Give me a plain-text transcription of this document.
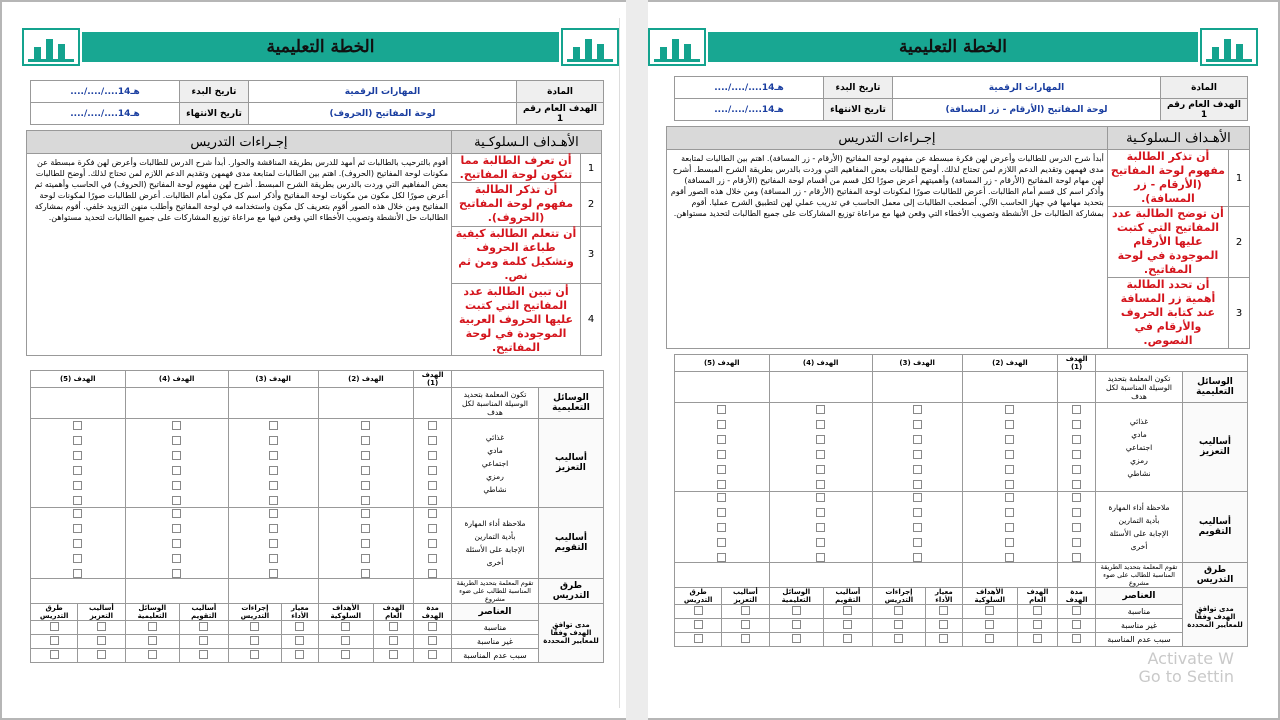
الخطة التعليمية
المادة	المهارات الرقمية	تاريخ البدء	..../..../....14هـ
الهدف العام رقم 1	لوحة المفاتيح (الحروف)	تاريخ الانتهاء	..../..../....14هـ
الأهـداف الـسلوكـية		إجـراءات التدريس
1	أن تعرف الطالبة مما تتكون لوحة المفاتيح.	أقوم بالترحيب بالطالبات ثم أمهد للدرس بطريقة المناقشة والحوار. أبدأ شرح الدرس للطالبات وأعرض لهن فكرة مبسطة عن مكونات لوحة المفاتيح (الحروف). اهتم بين الطالبات لمتابعة مدى فهمهن وتقديم الدعم اللازم لمن تحتاج لذلك. أوضح للطالبات بعض المفاهيم التي وردت بالدرس بطريقة الشرح المبسط. أشرح لهن مفهوم لوحة المفاتيح (الحروف) في الحاسب وأهميته ثم أعرض صورًا لكل مكون من مكونات لوحة المفاتيح وأذكر اسم كل مكون أمام الطالبات. أعرض للطالبات صورًا لمكونات لوحة المفاتيح ومن خلال هذه الصور أقوم بتعريف كل مكون واستخدامه في لوحة المفاتيح وأطلب منهن التزويد خلفي. أقوم بمشاركة الطالبات حل الأنشطة وتصويب الأخطاء التي وقعن فيها مع مراعاة توزيع المشاركات على جميع الطالبات لتحديد مستواهن.
2	أن تذكر الطالبة مفهوم لوحة المفاتيح (الحروف).	
3	أن تتعلم الطالبة كيفية طباعة الحروف وتشكيل كلمة ومن ثم نص.	
4	أن تبين الطالبة عدد المفاتيح التي كتبت عليها الحروف العربية الموجودة في لوحة المفاتيح.	
		الهدف (1)	الهدف (2)		الهدف (3)		الهدف (4)		الهدف (5)	
الوسائل التعليمية	تكون المعلمة بتحديد الوسيلة المناسبة لكل هدف									
أساليب التعزيز	غذائي
مادي
اجتماعي
رمزي
نشاطي									

أساليب التقويم	ملاحظة أداء المهارة
بأدية التمارين
الإجابة على الأسئلة
أخرى									

طرق التدريس	تقوم المعلمة بتحديد الطريقة المناسبة للطالب على ضوء مشروع									
مدى توافق الهدف وفقًا للمعايير المحددة	العناصر	مدة الهدف	الهدف العام	الأهداف السلوكية	معيار الأداء	إجراءات التدريس	أساليب التقويم	الوسائل التعليمية	أساليب التعزيز	طرق التدريس
	مناسبة									
	غير مناسبة									
	سبب عدم المناسبة									
الخطة التعليمية
المادة	المهارات الرقمية	تاريخ البدء	..../..../....14هـ
الهدف العام رقم 1	لوحة المفاتيح (الأرقام - زر المسافة)	تاريخ الانتهاء	..../..../....14هـ
الأهـداف الـسلوكـية		إجـراءات التدريس
1	أن تذكر الطالبة مفهوم لوحة المفاتيح (الأرقام - زر المسافة).	أبدأ شرح الدرس للطالبات وأعرض لهن فكرة مبسطة عن مفهوم لوحة المفاتيح (الأرقام - زر المسافة). اهتم بين الطالبات لمتابعة مدى فهمهن وتقديم الدعم اللازم لمن تحتاج لذلك. أوضح للطالبات بعض المفاهيم التي وردت بالدرس بطريقة الشرح المبسط. أشرح لهن مهام لوحة المفاتيح (الأرقام - زر المسافة) وأهميتهم أعرض صورًا لكل قسم من أقسام لوحة المفاتيح (الأرقام - زر المسافة) وأذكر اسم كل قسم أمام الطالبات. أعرض للطالبات صورًا لمكونات لوحة المفاتيح (الأرقام - زر المسافة) ومن خلال هذه الصور أقوم بتحديد مهامها في جهاز الحاسب الآلي. أصطحب الطالبات إلى معمل الحاسب في تدريب عملي لهن لتطبيق الشرح عمليا. أقوم بمشاركة الطالبات حل الأنشطة وتصويب الأخطاء التي وقعن فيها مع مراعاة توزيع المشاركات على جميع الطالبات لتحديد مستواهن.
2	أن توضح الطالبة عدد المفاتيح التي كتبت عليها الأرقام الموجودة في لوحة المفاتيح.	
3	أن تحدد الطالبة أهمية زر المسافة عند كتابة الحروف والأرقام في النصوص.	
		الهدف (1)	الهدف (2)		الهدف (3)		الهدف (4)		الهدف (5)	
الوسائل التعليمية	تكون المعلمة بتحديد الوسيلة المناسبة لكل هدف									
أساليب التعزيز	غذائي
مادي
اجتماعي
رمزي
نشاطي									

أساليب التقويم	ملاحظة أداء المهارة
بأدية التمارين
الإجابة على الأسئلة
أخرى									

طرق التدريس	تقوم المعلمة بتحديد الطريقة المناسبة للطالب على ضوء مشروع									
مدى توافق الهدف وفقًا للمعايير المحددة	العناصر	مدة الهدف	الهدف العام	الأهداف السلوكية	معيار الأداء	إجراءات التدريس	أساليب التقويم	الوسائل التعليمية	أساليب التعزيز	طرق التدريس
	مناسبة									
	غير مناسبة									
	سبب عدم المناسبة									
Activate W
Go to Settin
